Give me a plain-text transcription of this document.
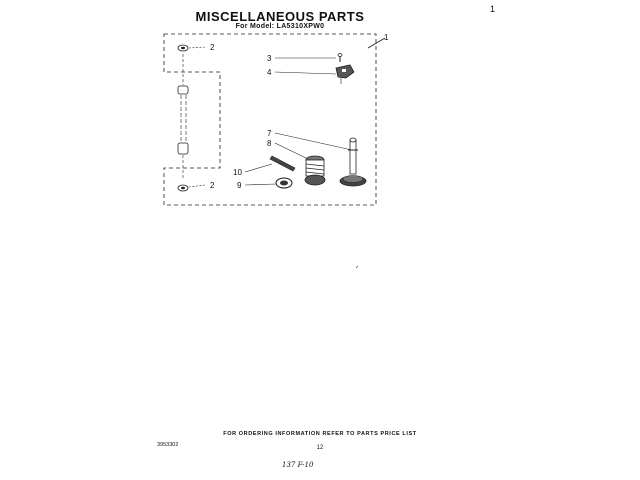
MISCELLANEOUS PARTS
For Model: LA5310XPW0
1
1
2
2
3
4
7
8
9
10
FOR ORDERING INFORMATION REFER TO PARTS PRICE LIST
3953302	12
137 F-10
